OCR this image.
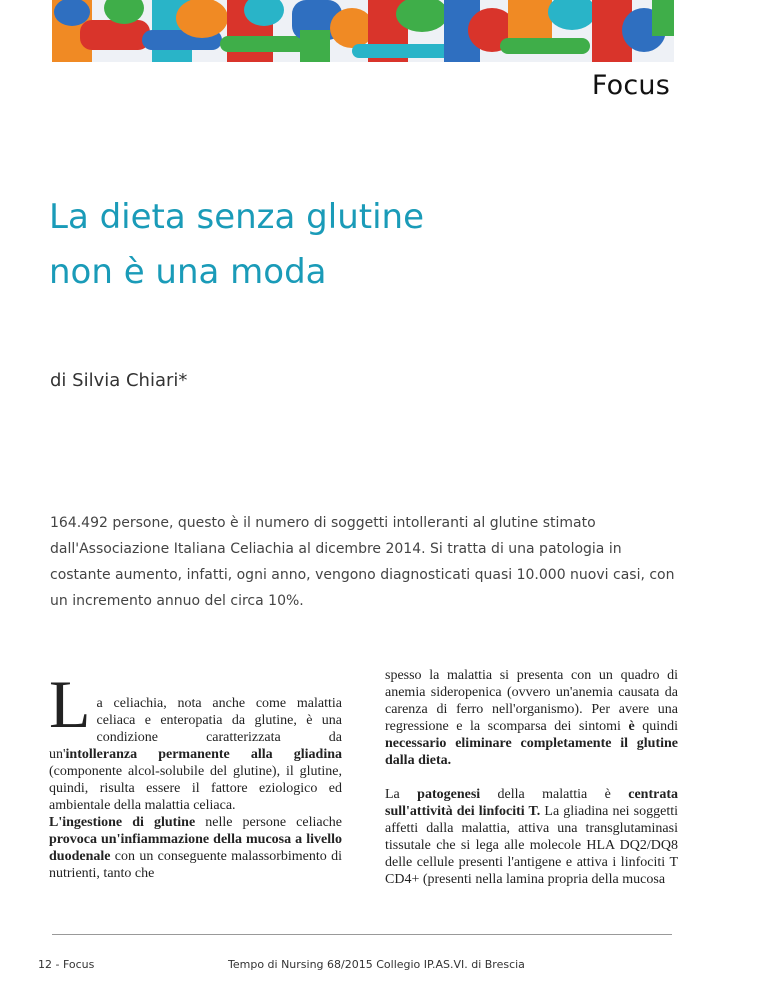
Focus
La dieta senza glutine
non è una moda
di Silvia Chiari*

164.492 persone, questo è il numero di soggetti intolleranti al glutine stimato dall'Associazione Italiana Celiachia al dicembre 2014. Si tratta di una patologia in costante aumento, infatti, ogni anno, vengono diagnosticati quasi 10.000 nuovi casi, con un incremento annuo del circa 10%.

La celiachia, nota anche come malattia celiaca e enteropatia da glutine, è una condizione caratterizzata da un'intolleranza permanente alla gliadina (componente alcol-solubile del glutine), il glutine, quindi, risulta essere il fattore eziologico ed ambientale della malattia celiaca.

L'ingestione di glutine nelle persone celiache provoca un'infiammazione della mucosa a livello duodenale con un conseguente malassorbimento di nutrienti, tanto che

spesso la malattia si presenta con un quadro di anemia sideropenica (ovvero un'anemia causata da carenza di ferro nell'organismo). Per avere una regressione e la scomparsa dei sintomi è quindi necessario eliminare completamente il glutine dalla dieta.

La patogenesi della malattia è centrata sull'attività dei linfociti T. La gliadina nei soggetti affetti dalla malattia, attiva una transglutaminasi tissutale che si lega alle molecole HLA DQ2/DQ8 delle cellule presenti l'antigene e attiva i linfociti T CD4+ (presenti nella lamina propria della mucosa

12 - Focus	Tempo di Nursing 68/2015 Collegio IP.AS.VI. di Brescia
